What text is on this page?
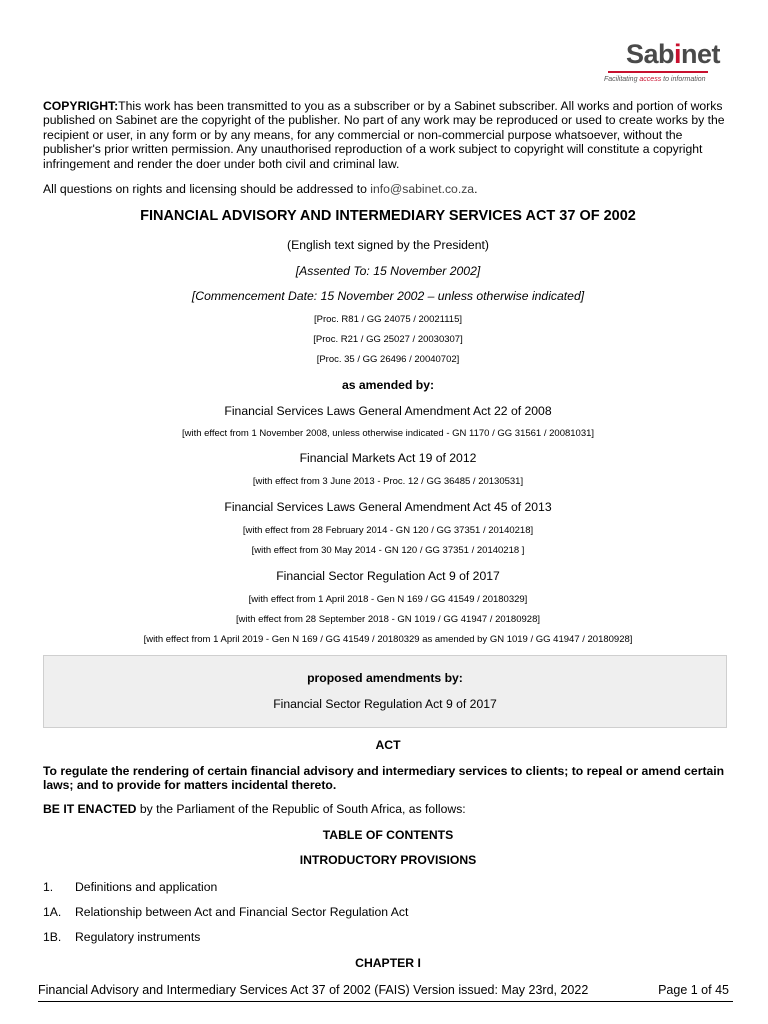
Sabinet
Facilitating access to information

COPYRIGHT:This work has been transmitted to you as a subscriber or by a Sabinet subscriber. All works and portion of works published on Sabinet are the copyright of the publisher. No part of any work may be reproduced or used to create works by the recipient or user, in any form or by any means, for any commercial or non-commercial purpose whatsoever, without the publisher's prior written permission. Any unauthorised reproduction of a work subject to copyright will constitute a copyright infringement and render the doer under both civil and criminal law.

All questions on rights and licensing should be addressed to info@sabinet.co.za.
FINANCIAL ADVISORY AND INTERMEDIARY SERVICES ACT 37 OF 2002
(English text signed by the President)
[Assented To: 15 November 2002]
[Commencement Date: 15 November 2002 – unless otherwise indicated]
[Proc. R81 / GG 24075 / 20021115]
[Proc. R21 / GG 25027 / 20030307]
[Proc. 35 / GG 26496 / 20040702]
as amended by:
Financial Services Laws General Amendment Act 22 of 2008
[with effect from 1 November 2008, unless otherwise indicated - GN 1170 / GG 31561 / 20081031]
Financial Markets Act 19 of 2012
[with effect from 3 June 2013 - Proc. 12 / GG 36485 / 20130531]
Financial Services Laws General Amendment Act 45 of 2013
[with effect from 28 February 2014 - GN 120 / GG 37351 / 20140218]
[with effect from 30 May 2014 - GN 120 / GG 37351 / 20140218 ]
Financial Sector Regulation Act 9 of 2017
[with effect from 1 April 2018 - Gen N 169 / GG 41549 / 20180329]
[with effect from 28 September 2018 - GN 1019 / GG 41947 / 20180928]
[with effect from 1 April 2019 - Gen N 169 / GG 41549 / 20180329 as amended by GN 1019 / GG 41947 / 20180928]
proposed amendments by:
Financial Sector Regulation Act 9 of 2017
ACT
To regulate the rendering of certain financial advisory and intermediary services to clients; to repeal or amend certain laws; and to provide for matters incidental thereto.
BE IT ENACTED by the Parliament of the Republic of South Africa, as follows:
TABLE OF CONTENTS
INTRODUCTORY PROVISIONS
1. Definitions and application
1A. Relationship between Act and Financial Sector Regulation Act
1B. Regulatory instruments
CHAPTER I
Financial Advisory and Intermediary Services Act 37 of 2002 (FAIS) Version issued: May 23rd, 2022	Page 1 of 45
